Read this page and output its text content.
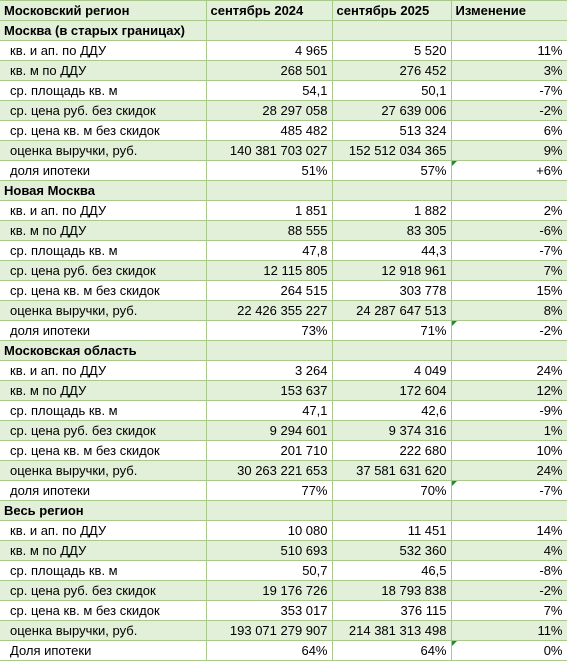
Московский регион	сентябрь 2024	сентябрь 2025	Изменение
Москва (в старых границах)			
кв. и ап. по ДДУ	4 965	5 520	11%
кв. м по ДДУ	268 501	276 452	3%
ср. площадь кв. м	54,1	50,1	-7%
ср. цена руб. без скидок	28 297 058	27 639 006	-2%
ср. цена кв. м без скидок	485 482	513 324	6%
оценка выручки, руб.	140 381 703 027	152 512 034 365	9%
доля ипотеки	51%	57%	+6%
Новая Москва			
кв. и ап. по ДДУ	1 851	1 882	2%
кв. м по ДДУ	88 555	83 305	-6%
ср. площадь кв. м	47,8	44,3	-7%
ср. цена руб. без скидок	12 115 805	12 918 961	7%
ср. цена кв. м без скидок	264 515	303 778	15%
оценка выручки, руб.	22 426 355 227	24 287 647 513	8%
доля ипотеки	73%	71%	-2%
Московская область			
кв. и ап. по ДДУ	3 264	4 049	24%
кв. м по ДДУ	153 637	172 604	12%
ср. площадь кв. м	47,1	42,6	-9%
ср. цена руб. без скидок	9 294 601	9 374 316	1%
ср. цена кв. м без скидок	201 710	222 680	10%
оценка выручки, руб.	30 263 221 653	37 581 631 620	24%
доля ипотеки	77%	70%	-7%
Весь регион			
кв. и ап. по ДДУ	10 080	11 451	14%
кв. м по ДДУ	510 693	532 360	4%
ср. площадь кв. м	50,7	46,5	-8%
ср. цена руб. без скидок	19 176 726	18 793 838	-2%
ср. цена кв. м без скидок	353 017	376 115	7%
оценка выручки, руб.	193 071 279 907	214 381 313 498	11%
Доля ипотеки	64%	64%	0%
